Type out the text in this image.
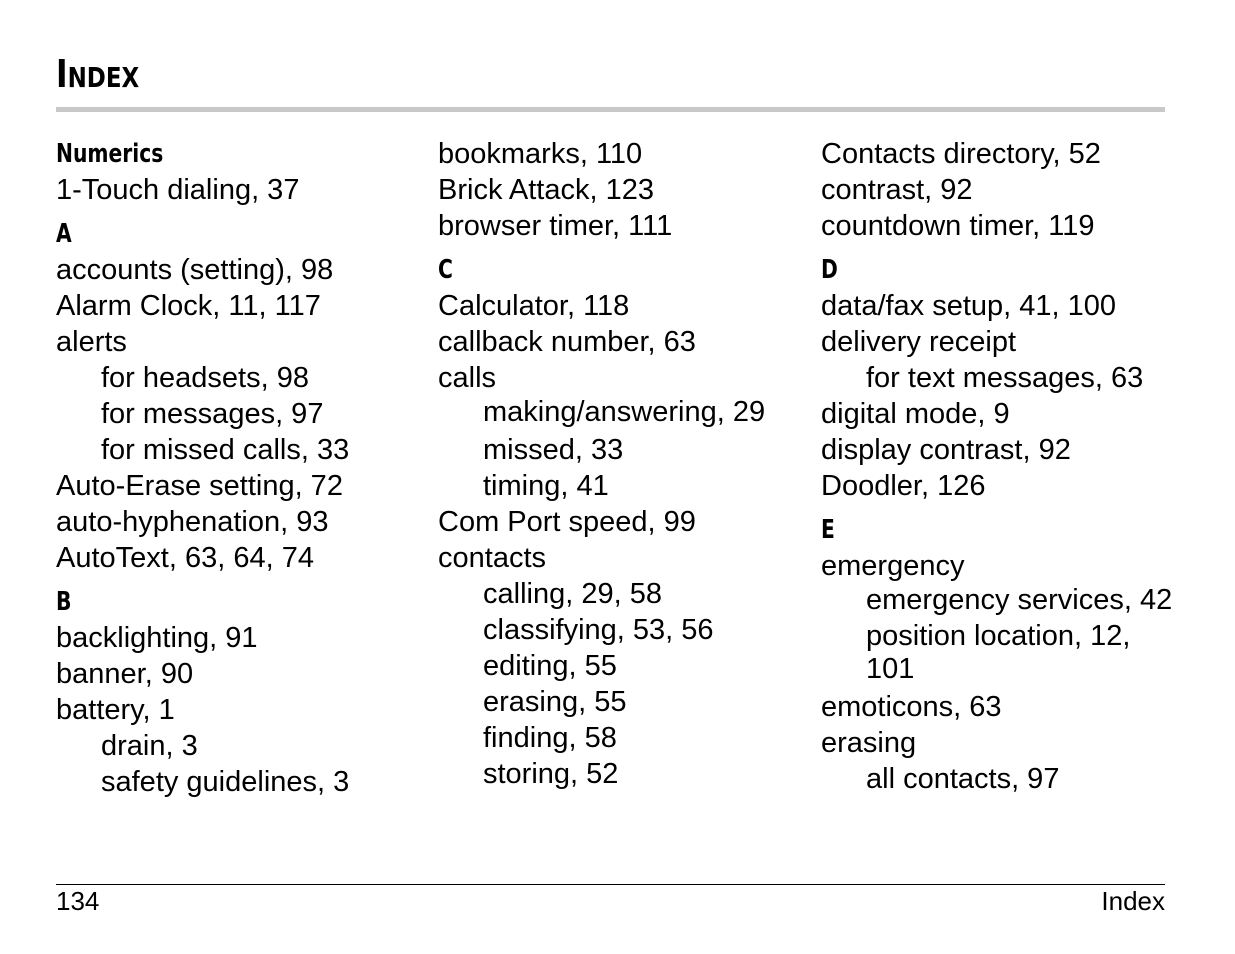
INDEX
Numerics
1-Touch dialing, 37
A
accounts (setting), 98
Alarm Clock, 11, 117
alerts
for headsets, 98
for messages, 97
for missed calls, 33
Auto-Erase setting, 72
auto-hyphenation, 93
AutoText, 63, 64, 74
B
backlighting, 91
banner, 90
battery, 1
drain, 3
safety guidelines, 3
bookmarks, 110
Brick Attack, 123
browser timer, 111
C
Calculator, 118
callback number, 63
calls
making/answering, 29
missed, 33
timing, 41
Com Port speed, 99
contacts
calling, 29, 58
classifying, 53, 56
editing, 55
erasing, 55
finding, 58
storing, 52
Contacts directory, 52
contrast, 92
countdown timer, 119
D
data/fax setup, 41, 100
delivery receipt
for text messages, 63
digital mode, 9
display contrast, 92
Doodler, 126
E
emergency
emergency services, 42
position location, 12, 101
emoticons, 63
erasing
all contacts, 97
134	Index
